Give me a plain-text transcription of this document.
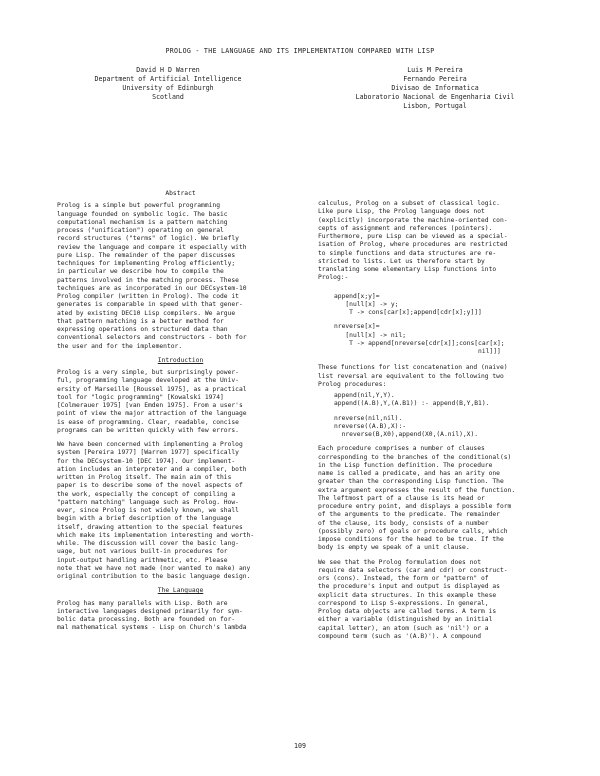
PROLOG - THE LANGUAGE AND ITS IMPLEMENTATION COMPARED WITH LISP
David H D Warren
Department of Artificial Intelligence
University of Edinburgh
Scotland
Luis M Pereira
Fernando Pereira
Divisao de Informatica
Laboratorio Nacional de Engenharia Civil
Lisbon, Portugal
Abstract
Prolog is a simple but powerful programming
language founded on symbolic logic. The basic
computational mechanism is a pattern matching
process ("unification") operating on general
record structures ("terms" of logic). We briefly
review the language and compare it especially with
pure Lisp. The remainder of the paper discusses
techniques for implementing Prolog efficiently;
in particular we describe how to compile the
patterns involved in the matching process. These
techniques are as incorporated in our DECsystem-10
Prolog compiler (written in Prolog). The code it
generates is comparable in speed with that gener-
ated by existing DEC10 Lisp compilers. We argue
that pattern matching is a better method for
expressing operations on structured data than
conventional selectors and constructors - both for
the user and for the implementor.
Introduction
Prolog is a very simple, but surprisingly power-
ful, programming language developed at the Univ-
ersity of Marseille [Roussel 1975], as a practical
tool for "logic programming" [Kowalski 1974]
[Colmerauer 1975] [van Emden 1975]. From a user's
point of view the major attraction of the language
is ease of programming. Clear, readable, concise
programs can be written quickly with few errors.
We have been concerned with implementing a Prolog
system [Pereira 1977] [Warren 1977] specifically
for the DECsystem-10 [DEC 1974]. Our implement-
ation includes an interpreter and a compiler, both
written in Prolog itself. The main aim of this
paper is to describe some of the novel aspects of
the work, especially the concept of compiling a
"pattern matching" language such as Prolog. How-
ever, since Prolog is not widely known, we shall
begin with a brief description of the language
itself, drawing attention to the special features
which make its implementation interesting and worth-
while. The discussion will cover the basic lang-
uage, but not various built-in procedures for
input-output handling arithmetic, etc. Please
note that we have not made (nor wanted to make) any
original contribution to the basic language design.
The Language
Prolog has many parallels with Lisp. Both are
interactive languages designed primarily for sym-
bolic data processing. Both are founded on for-
mal mathematical systems - Lisp on Church's lambda
calculus, Prolog on a subset of classical logic.
Like pure Lisp, the Prolog language does not
(explicitly) incorporate the machine-oriented con-
cepts of assignment and references (pointers).
Furthermore, pure Lisp can be viewed as a special-
isation of Prolog, where procedures are restricted
to simple functions and data structures are re-
stricted to lists. Let us therefore start by
translating some elementary Lisp functions into
Prolog:-
append[x;y]=
[null[x] -> y;
T -> cons[car[x];append[cdr[x];y]]]
nreverse[x]=
[null[x] -> nil;
T -> append[nreverse[cdr[x]];cons[car[x];
nil]]]
These functions for list concatenation and (naive)
list reversal are equivalent to the following two
Prolog procedures:
append(nil,Y,Y).
append((A.B),Y,(A.B1)) :- append(B,Y,B1).
nreverse(nil,nil).
nreverse((A.B),X):-
nreverse(B,X0),append(X0,(A.nil),X).
Each procedure comprises a number of clauses
corresponding to the branches of the conditional(s)
in the Lisp function definition. The procedure
name is called a predicate, and has an arity one
greater than the corresponding Lisp function. The
extra argument expresses the result of the function.
The leftmost part of a clause is its head or
procedure entry point, and displays a possible form
of the arguments to the predicate. The remainder
of the clause, its body, consists of a number
(possibly zero) of goals or procedure calls, which
impose conditions for the head to be true. If the
body is empty we speak of a unit clause.
We see that the Prolog formulation does not
require data selectors (car and cdr) or construct-
ors (cons). Instead, the form or "pattern" of
the procedure's input and output is displayed as
explicit data structures. In this example these
correspond to Lisp S-expressions. In general,
Prolog data objects are called terms. A term is
either a variable (distinguished by an initial
capital letter), an atom (such as 'nil') or a
compound term (such as '(A.B)'). A compound
109
